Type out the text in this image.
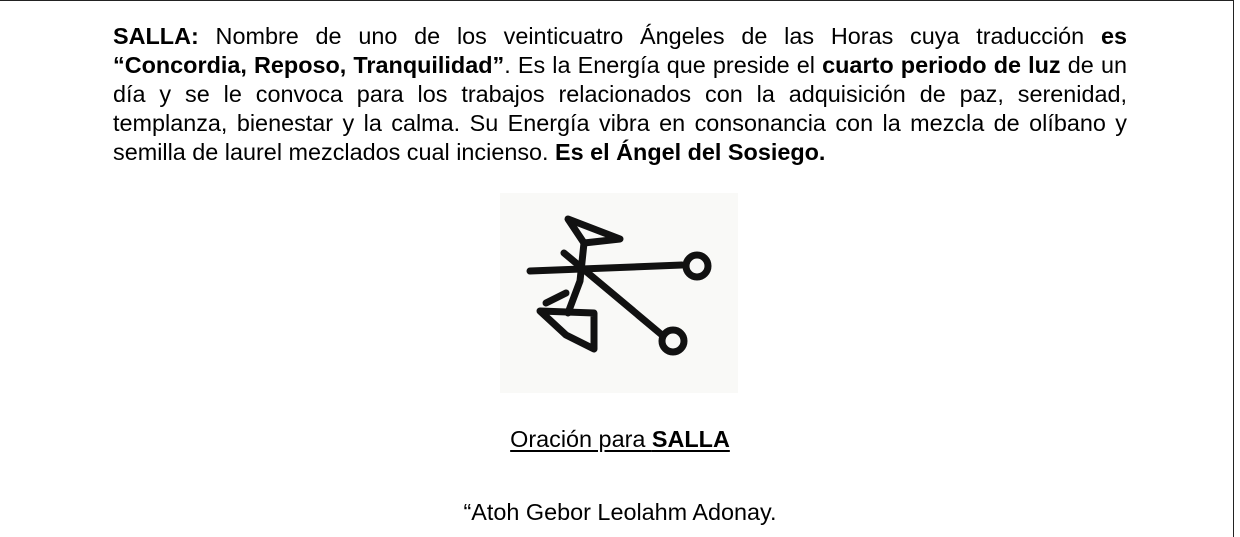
SALLA: Nombre de uno de los veinticuatro Ángeles de las Horas cuya traducción es “Concordia, Reposo, Tranquilidad”. Es la Energía que preside el cuarto periodo de luz de un día y se le convoca para los trabajos relacionados con la adquisición de paz, serenidad, templanza, bienestar y la calma. Su Energía vibra en consonancia con la mezcla de olíbano y semilla de laurel mezclados cual incienso. Es el Ángel del Sosiego.

Oración para SALLA
“Atoh Gebor Leolahm Adonay.
